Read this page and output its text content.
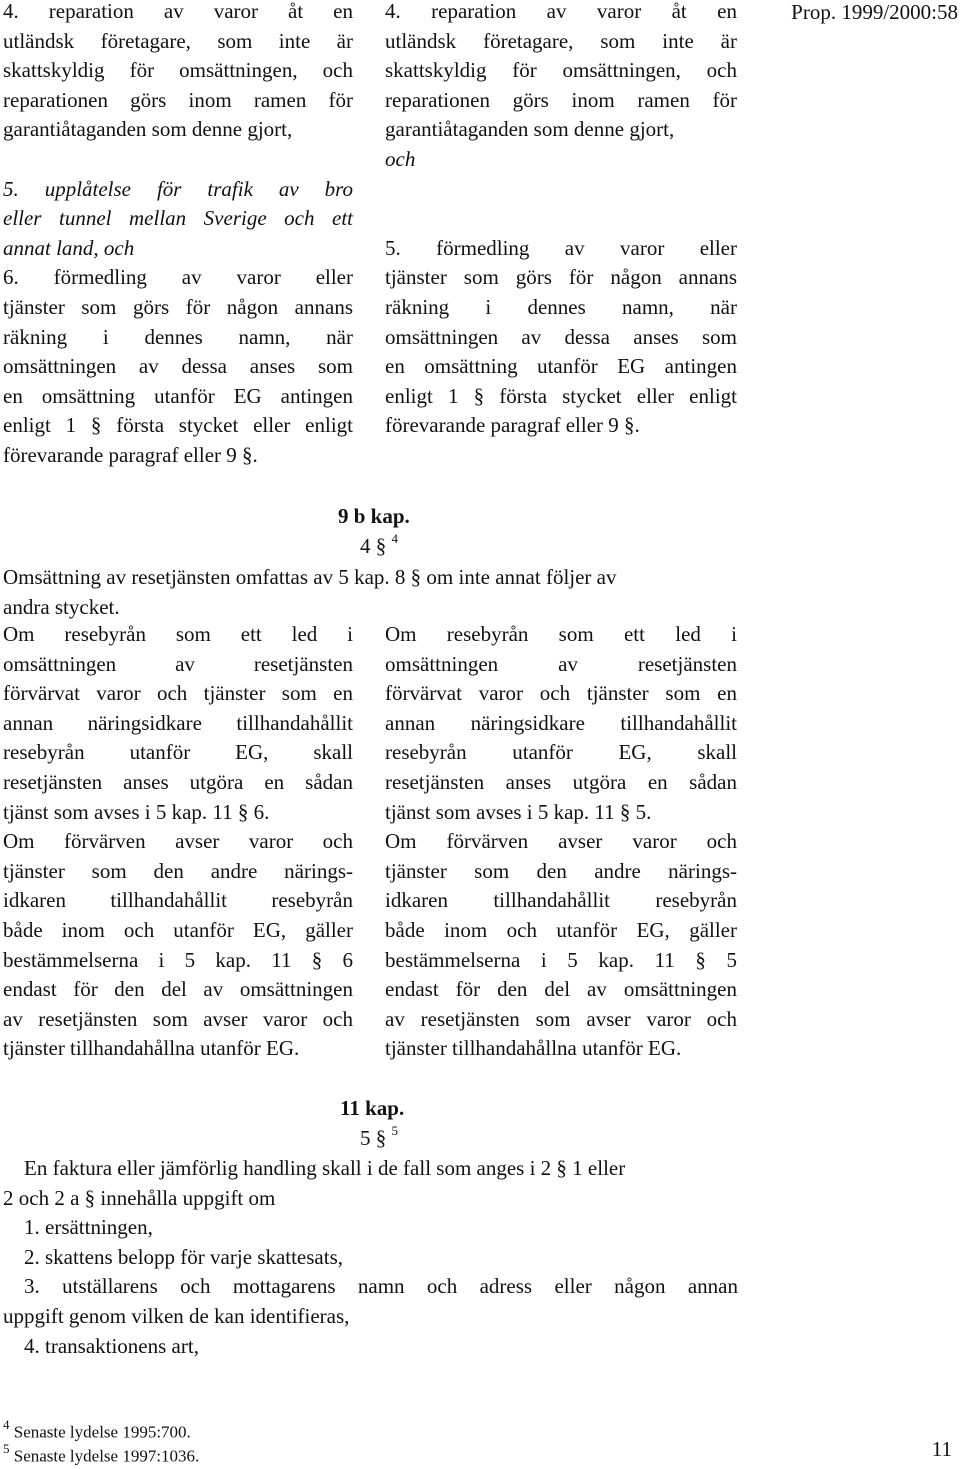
Prop. 1999/2000:58
4. reparation av varor åt en
utländsk företagare, som inte är
skattskyldig för omsättningen, och
reparationen görs inom ramen för
garantiåtaganden som denne gjort,
5. upplåtelse för trafik av bro
eller tunnel mellan Sverige och ett
annat land, och
6. förmedling av varor eller
tjänster som görs för någon annans
räkning i dennes namn, när
omsättningen av dessa anses som
en omsättning utanför EG antingen
enligt 1 § första stycket eller enligt
förevarande paragraf eller 9 §.
4. reparation av varor åt en
utländsk företagare, som inte är
skattskyldig för omsättningen, och
reparationen görs inom ramen för
garantiåtaganden som denne gjort,
och
5. förmedling av varor eller
tjänster som görs för någon annans
räkning i dennes namn, när
omsättningen av dessa anses som
en omsättning utanför EG antingen
enligt 1 § första stycket eller enligt
förevarande paragraf eller 9 §.
9 b kap.
4 § $^4$
Omsättning av resetjänsten omfattas av 5 kap. 8 § om inte annat följer av
andra stycket.
Om resebyrån som ett led i
omsättningen av resetjänsten
förvärvat varor och tjänster som en
annan näringsidkare tillhandahållit
resebyrån utanför EG, skall
resetjänsten anses utgöra en sådan
tjänst som avses i 5 kap. 11 § 6.
Om förvärven avser varor och
tjänster som den andre närings-
idkaren tillhandahållit resebyrån
både inom och utanför EG, gäller
bestämmelserna i 5 kap. 11 § 6
endast för den del av omsättningen
av resetjänsten som avser varor och
tjänster tillhandahållna utanför EG.
Om resebyrån som ett led i
omsättningen av resetjänsten
förvärvat varor och tjänster som en
annan näringsidkare tillhandahållit
resebyrån utanför EG, skall
resetjänsten anses utgöra en sådan
tjänst som avses i 5 kap. 11 § 5.
Om förvärven avser varor och
tjänster som den andre närings-
idkaren tillhandahållit resebyrån
både inom och utanför EG, gäller
bestämmelserna i 5 kap. 11 § 5
endast för den del av omsättningen
av resetjänsten som avser varor och
tjänster tillhandahållna utanför EG.
11 kap.
5 § $^5$
En faktura eller jämförlig handling skall i de fall som anges i 2 § 1 eller
2 och 2 a § innehålla uppgift om
1. ersättningen,
2. skattens belopp för varje skattesats,
3. utställarens och mottagarens namn och adress eller någon annan
uppgift genom vilken de kan identifieras,
4. transaktionens art,
$^4$ Senaste lydelse 1995:700.
$^5$ Senaste lydelse 1997:1036.	11
